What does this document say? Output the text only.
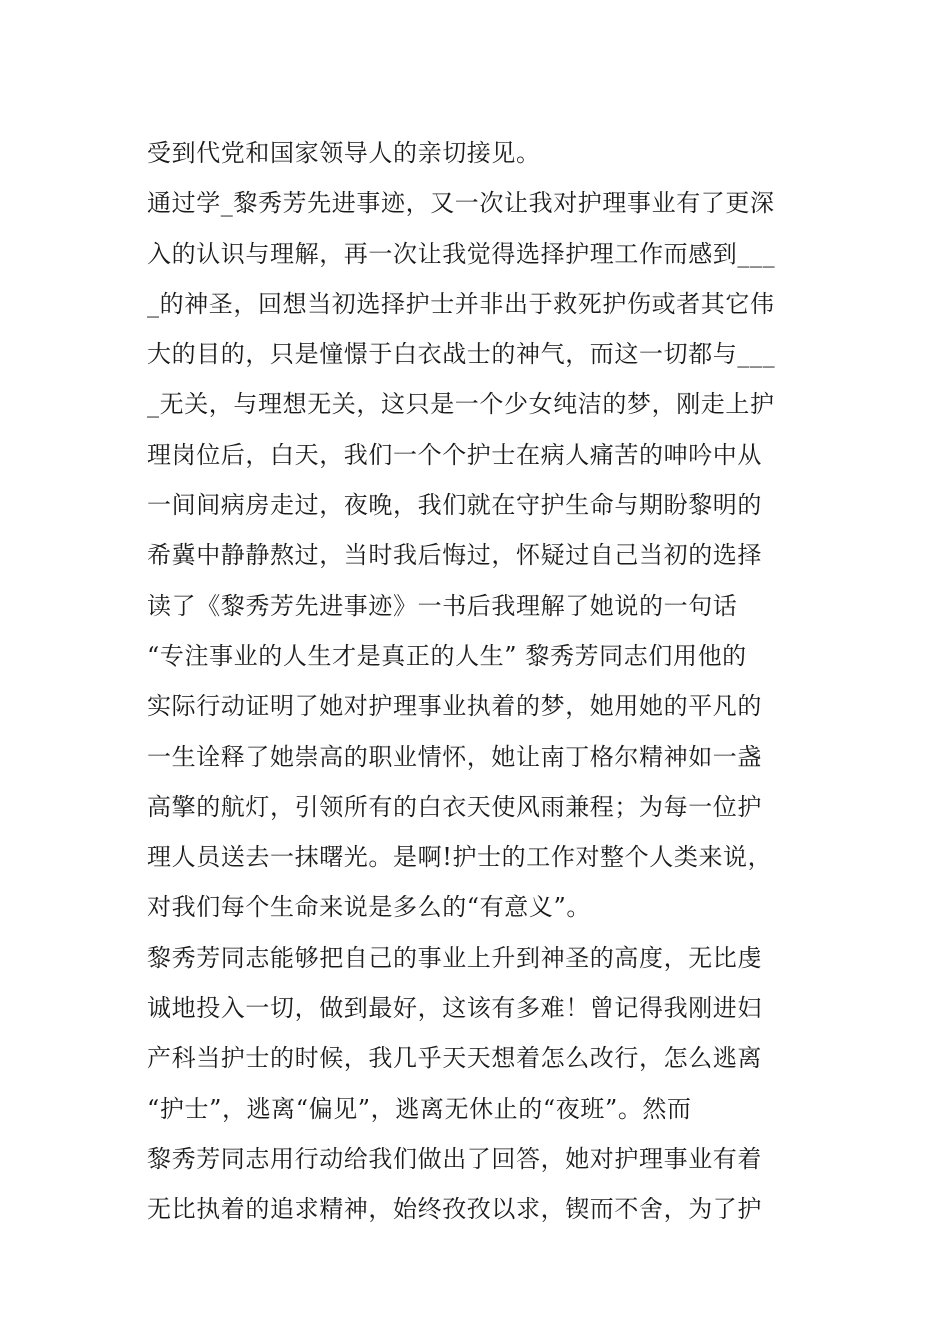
受到代党和国家领导人的亲切接见。
通过学_黎秀芳先进事迹，又一次让我对护理事业有了更深
入的认识与理解，再一次让我觉得选择护理工作而感到___
_的神圣，回想当初选择护士并非出于救死护伤或者其它伟
大的目的，只是憧憬于白衣战士的神气，而这一切都与___
_无关，与理想无关，这只是一个少女纯洁的梦，刚走上护
理岗位后，白天，我们一个个护士在病人痛苦的呻吟中从
一间间病房走过，夜晚，我们就在守护生命与期盼黎明的
希冀中静静熬过，当时我后悔过，怀疑过自己当初的选择
读了《黎秀芳先进事迹》一书后我理解了她说的一句话
“专注事业的人生才是真正的人生” 黎秀芳同志们用他的
实际行动证明了她对护理事业执着的梦，她用她的平凡的
一生诠释了她崇高的职业情怀，她让南丁格尔精神如一盏
高擎的航灯，引领所有的白衣天使风雨兼程；为每一位护
理人员送去一抹曙光。是啊!护士的工作对整个人类来说，
对我们每个生命来说是多么的“有意义”。
黎秀芳同志能够把自己的事业上升到神圣的高度，无比虔
诚地投入一切，做到最好，这该有多难！曾记得我刚进妇
产科当护士的时候，我几乎天天想着怎么改行，怎么逃离
“护士”，逃离“偏见”，逃离无休止的“夜班”。然而
黎秀芳同志用行动给我们做出了回答，她对护理事业有着
无比执着的追求精神，始终孜孜以求，锲而不舍，为了护
